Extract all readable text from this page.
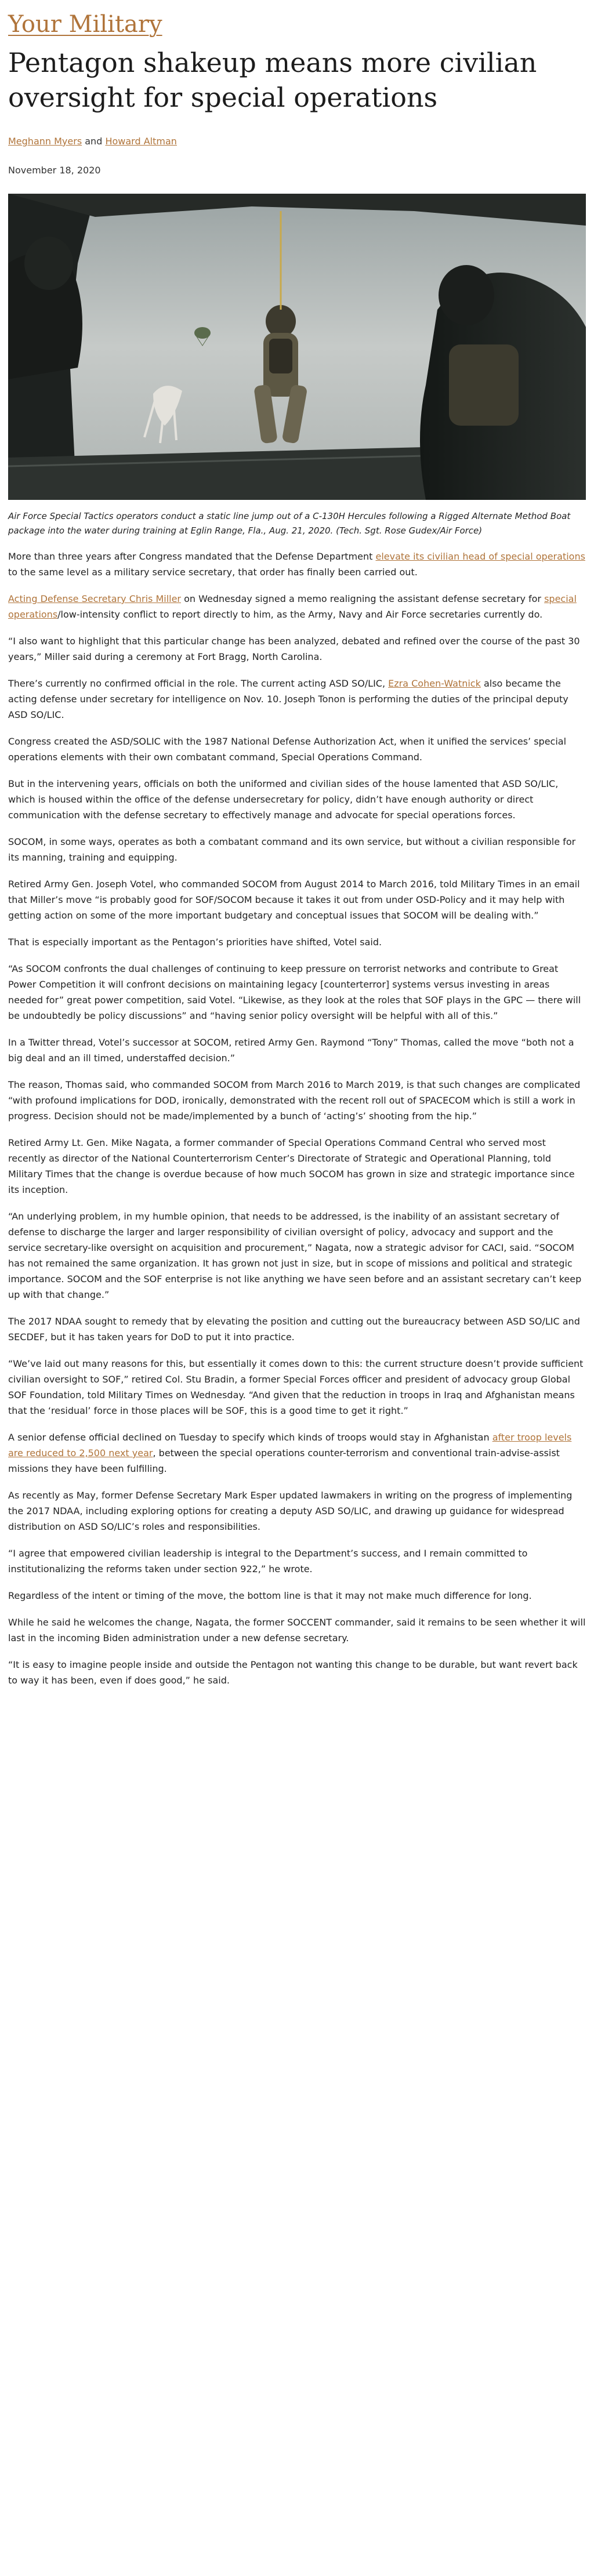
Your Military
Pentagon shakeup means more civilian oversight for special operations

Meghann Myers and Howard Altman

November 18, 2020

Air Force Special Tactics operators conduct a static line jump out of a C-130H Hercules following a Rigged Alternate Method Boat package into the water during training at Eglin Range, Fla., Aug. 21, 2020. (Tech. Sgt. Rose Gudex/Air Force)

More than three years after Congress mandated that the Defense Department elevate its civilian head of special operations to the same level as a military service secretary, that order has finally been carried out.

Acting Defense Secretary Chris Miller on Wednesday signed a memo realigning the assistant defense secretary for special operations/low-intensity conflict to report directly to him, as the Army, Navy and Air Force secretaries currently do.

“I also want to highlight that this particular change has been analyzed, debated and refined over the course of the past 30 years,” Miller said during a ceremony at Fort Bragg, North Carolina.

There’s currently no confirmed official in the role. The current acting ASD SO/LIC, Ezra Cohen-Watnick also became the acting defense under secretary for intelligence on Nov. 10. Joseph Tonon is performing the duties of the principal deputy ASD SO/LIC.

Congress created the ASD/SOLIC with the 1987 National Defense Authorization Act, when it unified the services’ special operations elements with their own combatant command, Special Operations Command.

But in the intervening years, officials on both the uniformed and civilian sides of the house lamented that ASD SO/LIC, which is housed within the office of the defense undersecretary for policy, didn’t have enough authority or direct communication with the defense secretary to effectively manage and advocate for special operations forces.

SOCOM, in some ways, operates as both a combatant command and its own service, but without a civilian responsible for its manning, training and equipping.

Retired Army Gen. Joseph Votel, who commanded SOCOM from August 2014 to March 2016, told Military Times in an email that Miller’s move “is probably good for SOF/SOCOM because it takes it out from under OSD-Policy and it may help with getting action on some of the more important budgetary and conceptual issues that SOCOM will be dealing with.”

That is especially important as the Pentagon’s priorities have shifted, Votel said.

“As SOCOM confronts the dual challenges of continuing to keep pressure on terrorist networks and contribute to Great Power Competition it will confront decisions on maintaining legacy [counterterror] systems versus investing in areas needed for” great power competition, said Votel. “Likewise, as they look at the roles that SOF plays in the GPC — there will be undoubtedly be policy discussions” and “having senior policy oversight will be helpful with all of this.”

In a Twitter thread, Votel’s successor at SOCOM, retired Army Gen. Raymond “Tony” Thomas, called the move “both not a big deal and an ill timed, understaffed decision.”

The reason, Thomas said, who commanded SOCOM from March 2016 to March 2019, is that such changes are complicated “with profound implications for DOD, ironically, demonstrated with the recent roll out of SPACECOM which is still a work in progress. Decision should not be made/implemented by a bunch of ‘acting’s’ shooting from the hip.”

Retired Army Lt. Gen. Mike Nagata, a former commander of Special Operations Command Central who served most recently as director of the National Counterterrorism Center’s Directorate of Strategic and Operational Planning, told Military Times that the change is overdue because of how much SOCOM has grown in size and strategic importance since its inception.

“An underlying problem, in my humble opinion, that needs to be addressed, is the inability of an assistant secretary of defense to discharge the larger and larger responsibility of civilian oversight of policy, advocacy and support and the service secretary-like oversight on acquisition and procurement,” Nagata, now a strategic advisor for CACI, said. “SOCOM has not remained the same organization. It has grown not just in size, but in scope of missions and political and strategic importance. SOCOM and the SOF enterprise is not like anything we have seen before and an assistant secretary can’t keep up with that change.”

The 2017 NDAA sought to remedy that by elevating the position and cutting out the bureaucracy between ASD SO/LIC and SECDEF, but it has taken years for DoD to put it into practice.

“We’ve laid out many reasons for this, but essentially it comes down to this: the current structure doesn’t provide sufficient civilian oversight to SOF,” retired Col. Stu Bradin, a former Special Forces officer and president of advocacy group Global SOF Foundation, told Military Times on Wednesday. “And given that the reduction in troops in Iraq and Afghanistan means that the ‘residual’ force in those places will be SOF, this is a good time to get it right.”

A senior defense official declined on Tuesday to specify which kinds of troops would stay in Afghanistan after troop levels are reduced to 2,500 next year, between the special operations counter-terrorism and conventional train-advise-assist missions they have been fulfilling.

As recently as May, former Defense Secretary Mark Esper updated lawmakers in writing on the progress of implementing the 2017 NDAA, including exploring options for creating a deputy ASD SO/LIC, and drawing up guidance for widespread distribution on ASD SO/LIC’s roles and responsibilities.

“I agree that empowered civilian leadership is integral to the Department’s success, and I remain committed to institutionalizing the reforms taken under section 922,” he wrote.

Regardless of the intent or timing of the move, the bottom line is that it may not make much difference for long.

While he said he welcomes the change, Nagata, the former SOCCENT commander, said it remains to be seen whether it will last in the incoming Biden administration under a new defense secretary.

“It is easy to imagine people inside and outside the Pentagon not wanting this change to be durable, but want revert back to way it has been, even if does good,” he said.
